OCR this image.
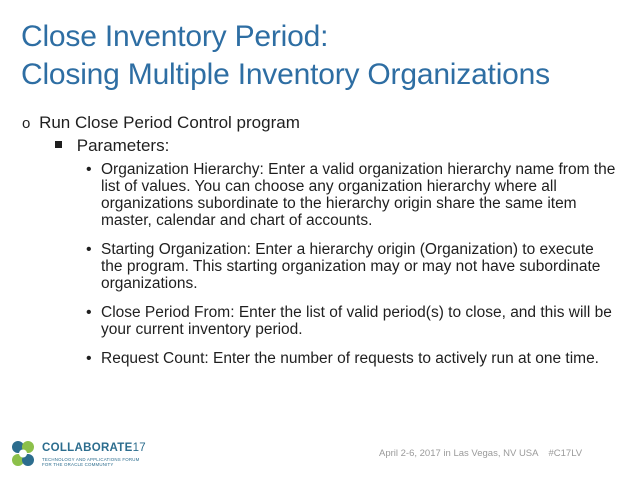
Close Inventory Period:
Closing Multiple Inventory Organizations
o Run Close Period Control program
Parameters:
• Organization Hierarchy: Enter a valid organization hierarchy name from the list of values. You can choose any organization hierarchy where all organizations subordinate to the hierarchy origin share the same item master, calendar and chart of accounts.
• Starting Organization: Enter a hierarchy origin (Organization) to execute the program. This starting organization may or may not have subordinate organizations.
• Close Period From: Enter the list of valid period(s) to close, and this will be your current inventory period.
• Request Count: Enter the number of requests to actively run at one time.
COLLABORATE17
TECHNOLOGY AND APPLICATIONS FORUM
FOR THE ORACLE COMMUNITY
April 2-6, 2017 in Las Vegas, NV USA #C17LV
